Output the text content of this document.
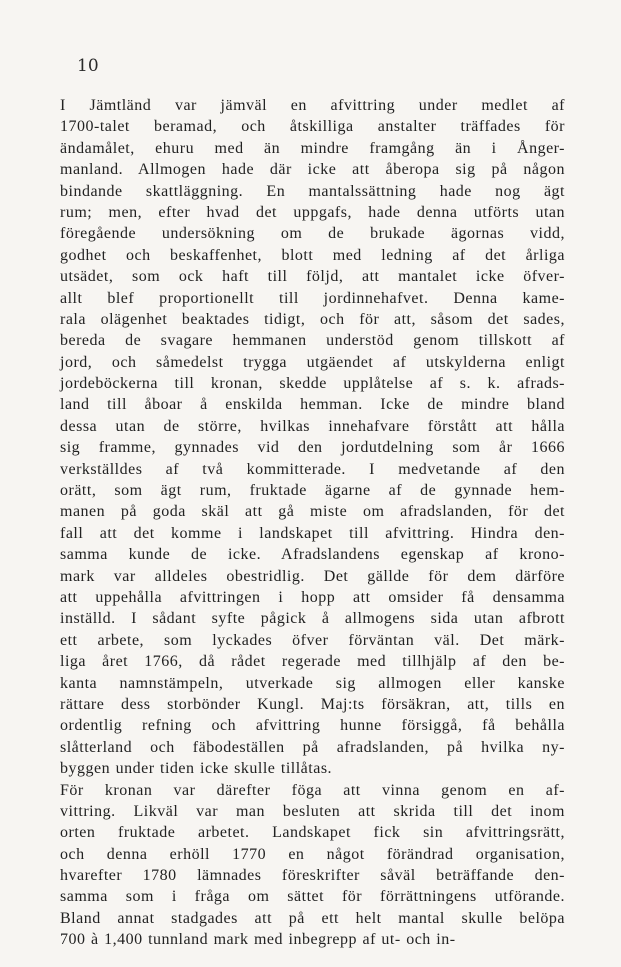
10
I Jämtländ var jämväl en afvittring under medlet af
1700-talet beramad, och åtskilliga anstalter träffades för
ändamålet, ehuru med än mindre framgång än i Ånger-
manland. Allmogen hade där icke att åberopa sig på någon
bindande skattläggning. En mantalssättning hade nog ägt
rum; men, efter hvad det uppgafs, hade denna utförts utan
föregående undersökning om de brukade ägornas vidd,
godhet och beskaffenhet, blott med ledning af det årliga
utsädet, som ock haft till följd, att mantalet icke öfver-
allt blef proportionellt till jordinnehafvet. Denna kame-
rala olägenhet beaktades tidigt, och för att, såsom det sades,
bereda de svagare hemmanen understöd genom tillskott af
jord, och såmedelst trygga utgäendet af utskylderna enligt
jordeböckerna till kronan, skedde upplåtelse af s. k. afrads-
land till åboar å enskilda hemman. Icke de mindre bland
dessa utan de större, hvilkas innehafvare förstått att hålla
sig framme, gynnades vid den jordutdelning som år 1666
verkställdes af två kommitterade. I medvetande af den
orätt, som ägt rum, fruktade ägarne af de gynnade hem-
manen på goda skäl att gå miste om afradslanden, för det
fall att det komme i landskapet till afvittring. Hindra den-
samma kunde de icke. Afradslandens egenskap af krono-
mark var alldeles obestridlig. Det gällde för dem därföre
att uppehålla afvittringen i hopp att omsider få densamma
inställd. I sådant syfte pågick å allmogens sida utan afbrott
ett arbete, som lyckades öfver förväntan väl. Det märk-
liga året 1766, då rådet regerade med tillhjälp af den be-
kanta namnstämpeln, utverkade sig allmogen eller kanske
rättare dess storbönder Kungl. Maj:ts försäkran, att, tills en
ordentlig refning och afvittring hunne försiggå, få behålla
slåtterland och fäbodeställen på afradslanden, på hvilka ny-
byggen under tiden icke skulle tillåtas.
För kronan var därefter föga att vinna genom en af-
vittring. Likväl var man besluten att skrida till det inom
orten fruktade arbetet. Landskapet fick sin afvittringsrätt,
och denna erhöll 1770 en något förändrad organisation,
hvarefter 1780 lämnades föreskrifter såväl beträffande den-
samma som i fråga om sättet för förrättningens utförande.
Bland annat stadgades att på ett helt mantal skulle belöpa
700 à 1,400 tunnland mark med inbegrepp af ut- och in-
